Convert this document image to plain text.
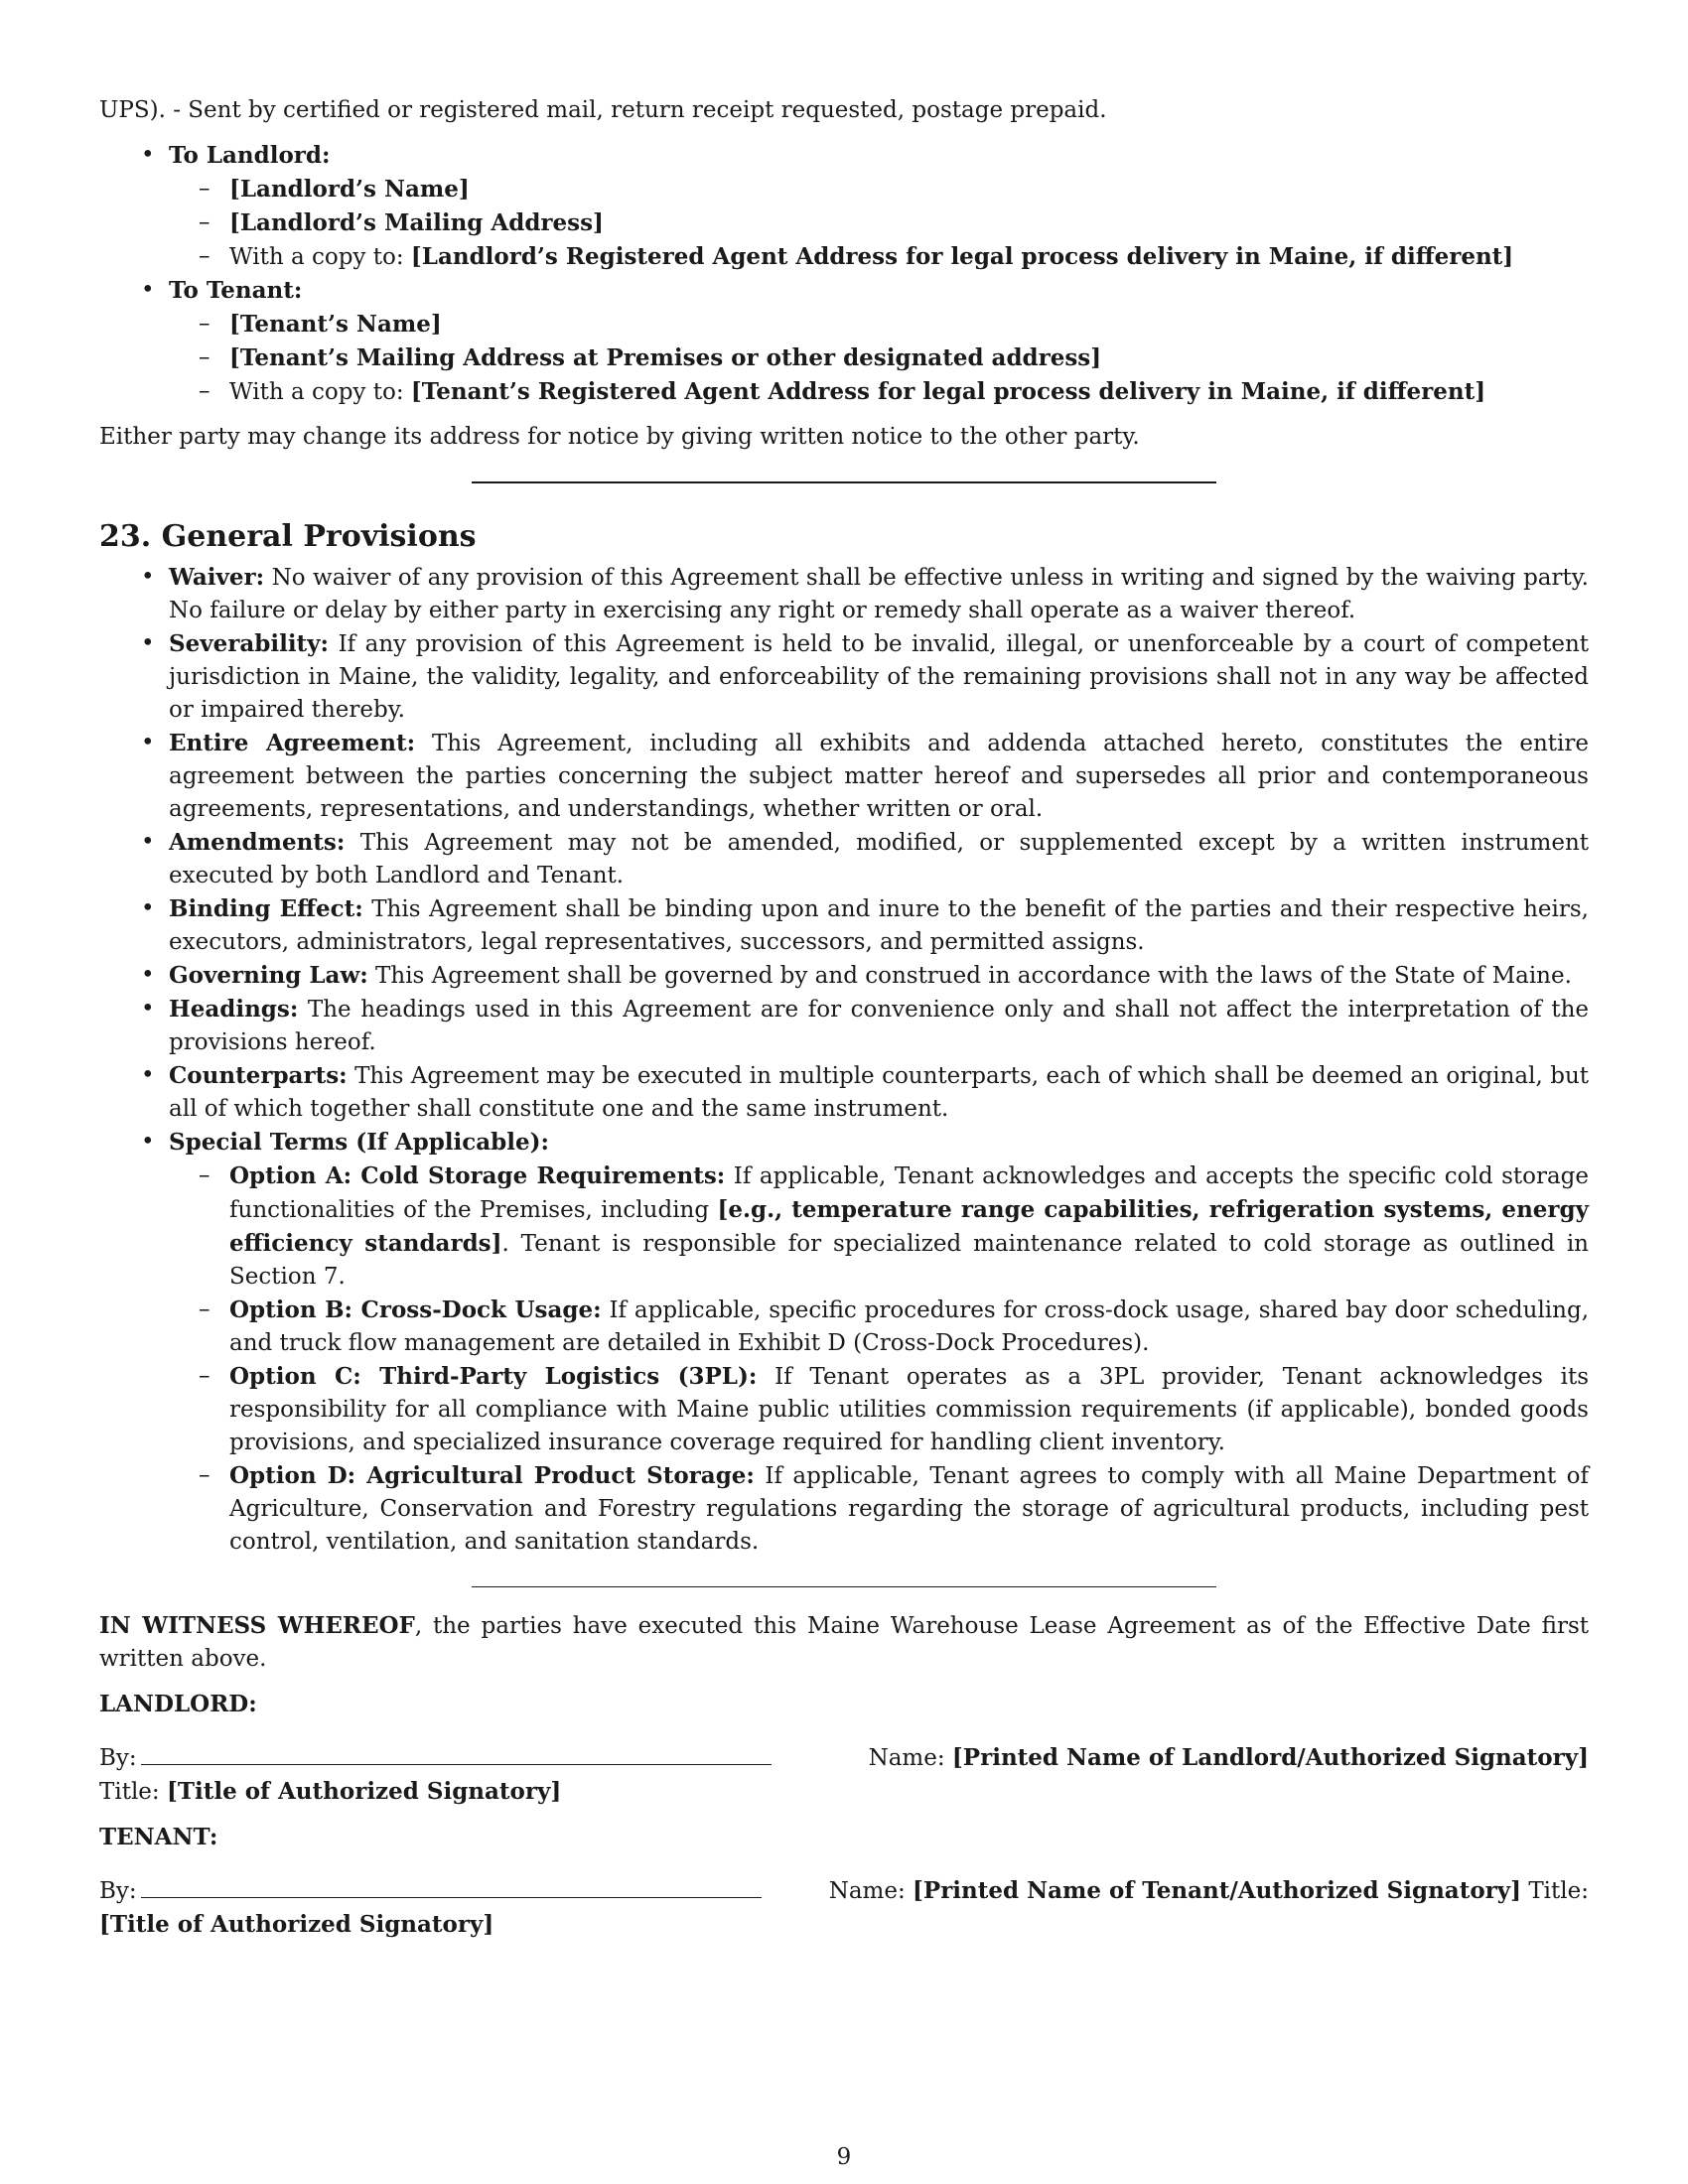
UPS). - Sent by certified or registered mail, return receipt requested, postage prepaid.

• To Landlord:
– [Landlord’s Name]
– [Landlord’s Mailing Address]
– With a copy to: [Landlord’s Registered Agent Address for legal process delivery in Maine, if different]
• To Tenant:
– [Tenant’s Name]
– [Tenant’s Mailing Address at Premises or other designated address]
– With a copy to: [Tenant’s Registered Agent Address for legal process delivery in Maine, if different]

Either party may change its address for notice by giving written notice to the other party.

23. General Provisions
• Waiver: No waiver of any provision of this Agreement shall be effective unless in writing and signed by the waiving party. No failure or delay by either party in exercising any right or remedy shall operate as a waiver thereof.
• Severability: If any provision of this Agreement is held to be invalid, illegal, or unenforceable by a court of competent jurisdiction in Maine, the validity, legality, and enforceability of the remaining provisions shall not in any way be affected or impaired thereby.
• Entire Agreement: This Agreement, including all exhibits and addenda attached hereto, constitutes the entire agreement between the parties concerning the subject matter hereof and supersedes all prior and contemporaneous agreements, representations, and understandings, whether written or oral.
• Amendments: This Agreement may not be amended, modified, or supplemented except by a written instrument executed by both Landlord and Tenant.
• Binding Effect: This Agreement shall be binding upon and inure to the benefit of the parties and their respective heirs, executors, administrators, legal representatives, successors, and permitted assigns.
• Governing Law: This Agreement shall be governed by and construed in accordance with the laws of the State of Maine.
• Headings: The headings used in this Agreement are for convenience only and shall not affect the interpretation of the provisions hereof.
• Counterparts: This Agreement may be executed in multiple counterparts, each of which shall be deemed an original, but all of which together shall constitute one and the same instrument.
• Special Terms (If Applicable):
– Option A: Cold Storage Requirements: If applicable, Tenant acknowledges and accepts the specific cold storage functionalities of the Premises, including [e.g., temperature range capabilities, refrigeration systems, energy efficiency standards]. Tenant is responsible for specialized maintenance related to cold storage as outlined in Section 7.
– Option B: Cross-Dock Usage: If applicable, specific procedures for cross-dock usage, shared bay door scheduling, and truck flow management are detailed in Exhibit D (Cross-Dock Procedures).
– Option C: Third-Party Logistics (3PL): If Tenant operates as a 3PL provider, Tenant acknowledges its responsibility for all compliance with Maine public utilities commission requirements (if applicable), bonded goods provisions, and specialized insurance coverage required for handling client inventory.
– Option D: Agricultural Product Storage: If applicable, Tenant agrees to comply with all Maine Department of Agriculture, Conservation and Forestry regulations regarding the storage of agricultural products, including pest control, ventilation, and sanitation standards.

IN WITNESS WHEREOF, the parties have executed this Maine Warehouse Lease Agreement as of the Effective Date first written above.

LANDLORD:

By:	Name: [Printed Name of Landlord/Authorized Signatory]

Title: [Title of Authorized Signatory]

TENANT:

By:	Name: [Printed Name of Tenant/Authorized Signatory] Title:

[Title of Authorized Signatory]

9
